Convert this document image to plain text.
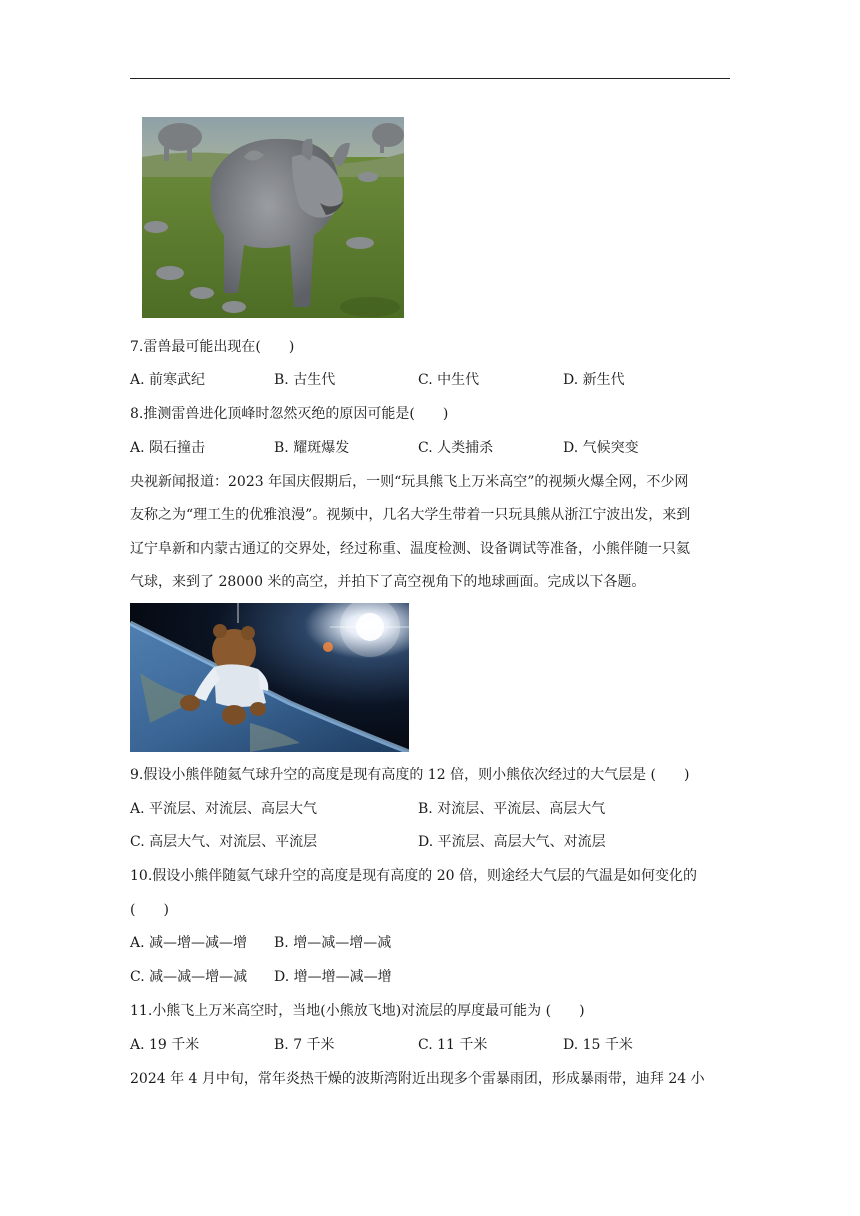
7.雷兽最可能出现在(　　)
A. 前寒武纪	B. 古生代	C. 中生代	D. 新生代
8.推测雷兽进化顶峰时忽然灭绝的原因可能是(　　)
A. 陨石撞击	B. 耀斑爆发	C. 人类捕杀	D. 气候突变
央视新闻报道：2023 年国庆假期后，一则“玩具熊飞上万米高空”的视频火爆全网，不少网
友称之为“理工生的优雅浪漫”。视频中，几名大学生带着一只玩具熊从浙江宁波出发，来到
辽宁阜新和内蒙古通辽的交界处，经过称重、温度检测、设备调试等准备，小熊伴随一只氦
气球，来到了 28000 米的高空，并拍下了高空视角下的地球画面。完成以下各题。
9.假设小熊伴随氦气球升空的高度是现有高度的 12 倍，则小熊依次经过的大气层是 (　　)
A. 平流层、对流层、高层大气	B. 对流层、平流层、高层大气
C. 高层大气、对流层、平流层	D. 平流层、高层大气、对流层
10.假设小熊伴随氦气球升空的高度是现有高度的 20 倍，则途经大气层的气温是如何变化的
(　　)
A. 减—增—减—增 B. 增—减—增—减
C. 减—减—增—减 D. 增—增—减—增
11.小熊飞上万米高空时，当地(小熊放飞地)对流层的厚度最可能为 (　　)
A. 19 千米	B. 7 千米	C. 11 千米	D. 15 千米
2024 年 4 月中旬，常年炎热干燥的波斯湾附近出现多个雷暴雨团，形成暴雨带，迪拜 24 小
